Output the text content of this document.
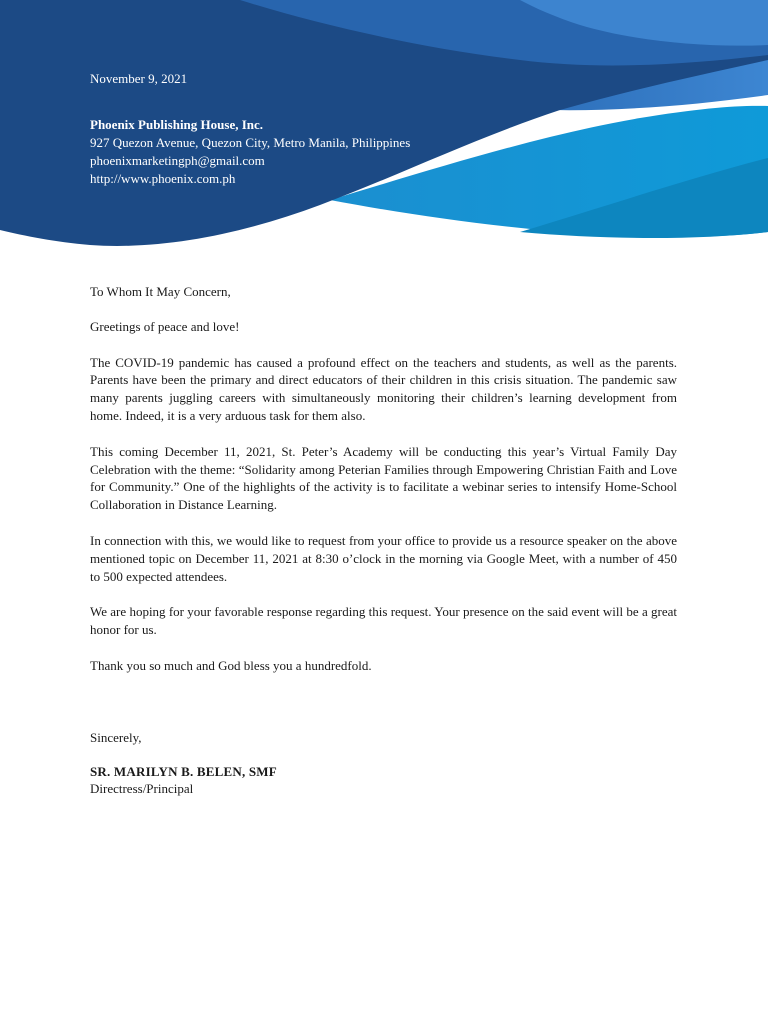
November 9, 2021
Phoenix Publishing House, Inc.
927 Quezon Avenue, Quezon City, Metro Manila, Philippines
phoenixmarketingph@gmail.com
http://www.phoenix.com.ph

To Whom It May Concern,

Greetings of peace and love!

The COVID-19 pandemic has caused a profound effect on the teachers and students, as well as the parents. Parents have been the primary and direct educators of their children in this crisis situation. The pandemic saw many parents juggling careers with simultaneously monitoring their children’s learning development from home. Indeed, it is a very arduous task for them also.

This coming December 11, 2021, St. Peter’s Academy will be conducting this year’s Virtual Family Day Celebration with the theme: “Solidarity among Peterian Families through Empowering Christian Faith and Love for Community.” One of the highlights of the activity is to facilitate a webinar series to intensify Home-School Collaboration in Distance Learning.

In connection with this, we would like to request from your office to provide us a resource speaker on the above mentioned topic on December 11, 2021 at 8:30 o’clock in the morning via Google Meet, with a number of 450 to 500 expected attendees.

We are hoping for your favorable response regarding this request. Your presence on the said event will be a great honor for us.

Thank you so much and God bless you a hundredfold.

Sincerely,
SR. MARILYN B. BELEN, SMF
Directress/Principal
